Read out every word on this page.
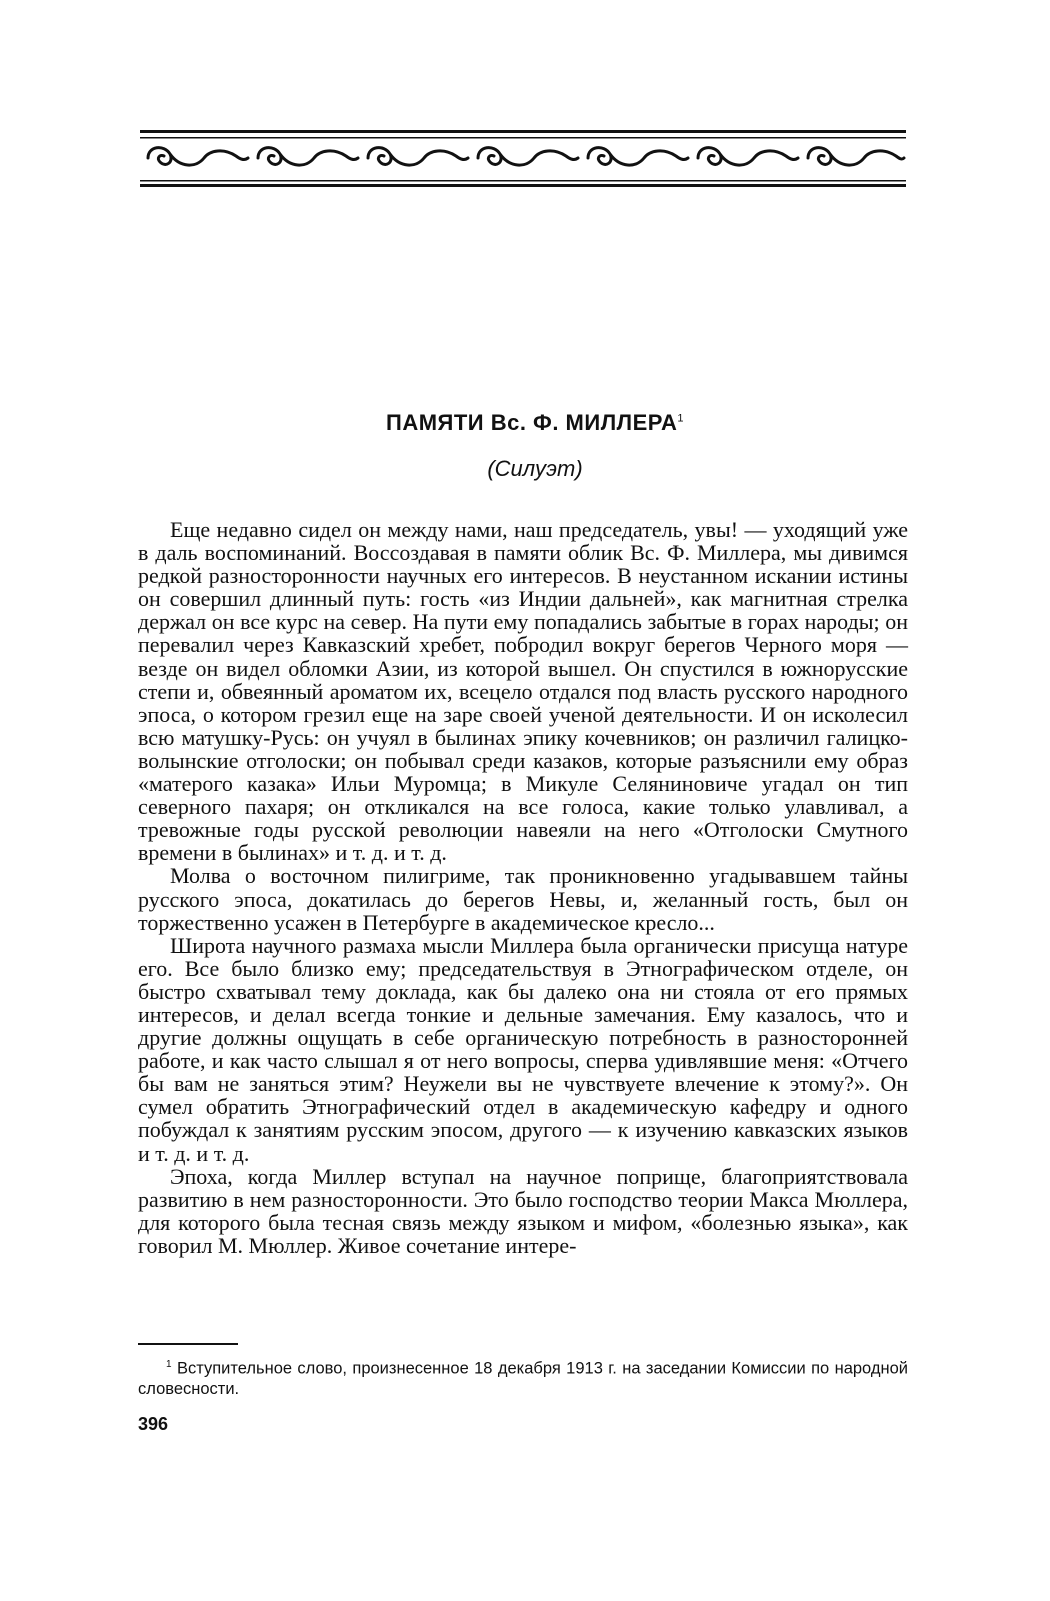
ПАМЯТИ Вс. Ф. МИЛЛЕРА$^1$
(Силуэт)

Еще недавно сидел он между нами, наш председатель, увы! — уходящий уже в даль воспоминаний. Воссоздавая в памяти облик Вс. Ф. Миллера, мы дивимся редкой разносторонности научных его интересов. В неустанном искании истины он совершил длинный путь: гость «из Индии дальней», как магнитная стрелка держал он все курс на север. На пути ему попадались забытые в горах народы; он перевалил через Кавказский хребет, побродил вокруг берегов Черного моря — везде он видел обломки Азии, из которой вышел. Он спустился в южнорусские степи и, обвеянный ароматом их, всецело отдался под власть русского народного эпоса, о котором грезил еще на заре своей ученой деятельности. И он исколесил всю матушку-Русь: он учуял в былинах эпику кочевников; он различил галицко-волынские отголоски; он побывал среди казаков, которые разъяснили ему образ «матерого казака» Ильи Муромца; в Микуле Селяниновиче угадал он тип северного пахаря; он откликался на все голоса, какие только улавливал, а тревожные годы русской революции навеяли на него «Отголоски Смутного времени в былинах» и т. д. и т. д.

Молва о восточном пилигриме, так проникновенно угадывавшем тайны русского эпоса, докатилась до берегов Невы, и, желанный гость, был он торжественно усажен в Петербурге в академическое кресло...

Широта научного размаха мысли Миллера была органически присуща натуре его. Все было близко ему; председательствуя в Этнографическом отделе, он быстро схватывал тему доклада, как бы далеко она ни стояла от его прямых интересов, и делал всегда тонкие и дельные замечания. Ему казалось, что и другие должны ощущать в себе органическую потребность в разносторонней работе, и как часто слышал я от него вопросы, сперва удивлявшие меня: «Отчего бы вам не заняться этим? Неужели вы не чувствуете влечение к этому?». Он сумел обратить Этнографический отдел в академическую кафедру и одного побуждал к занятиям русским эпосом, другого — к изучению кавказских языков и т. д. и т. д.

Эпоха, когда Миллер вступал на научное поприще, благоприятствовала развитию в нем разносторонности. Это было господство теории Макса Мюллера, для которого была тесная связь между языком и мифом, «болезнью языка», как говорил М. Мюллер. Живое сочетание интере-

$^1$ Вступительное слово, произнесенное 18 декабря 1913 г. на заседании Комиссии по народной словесности.

396
